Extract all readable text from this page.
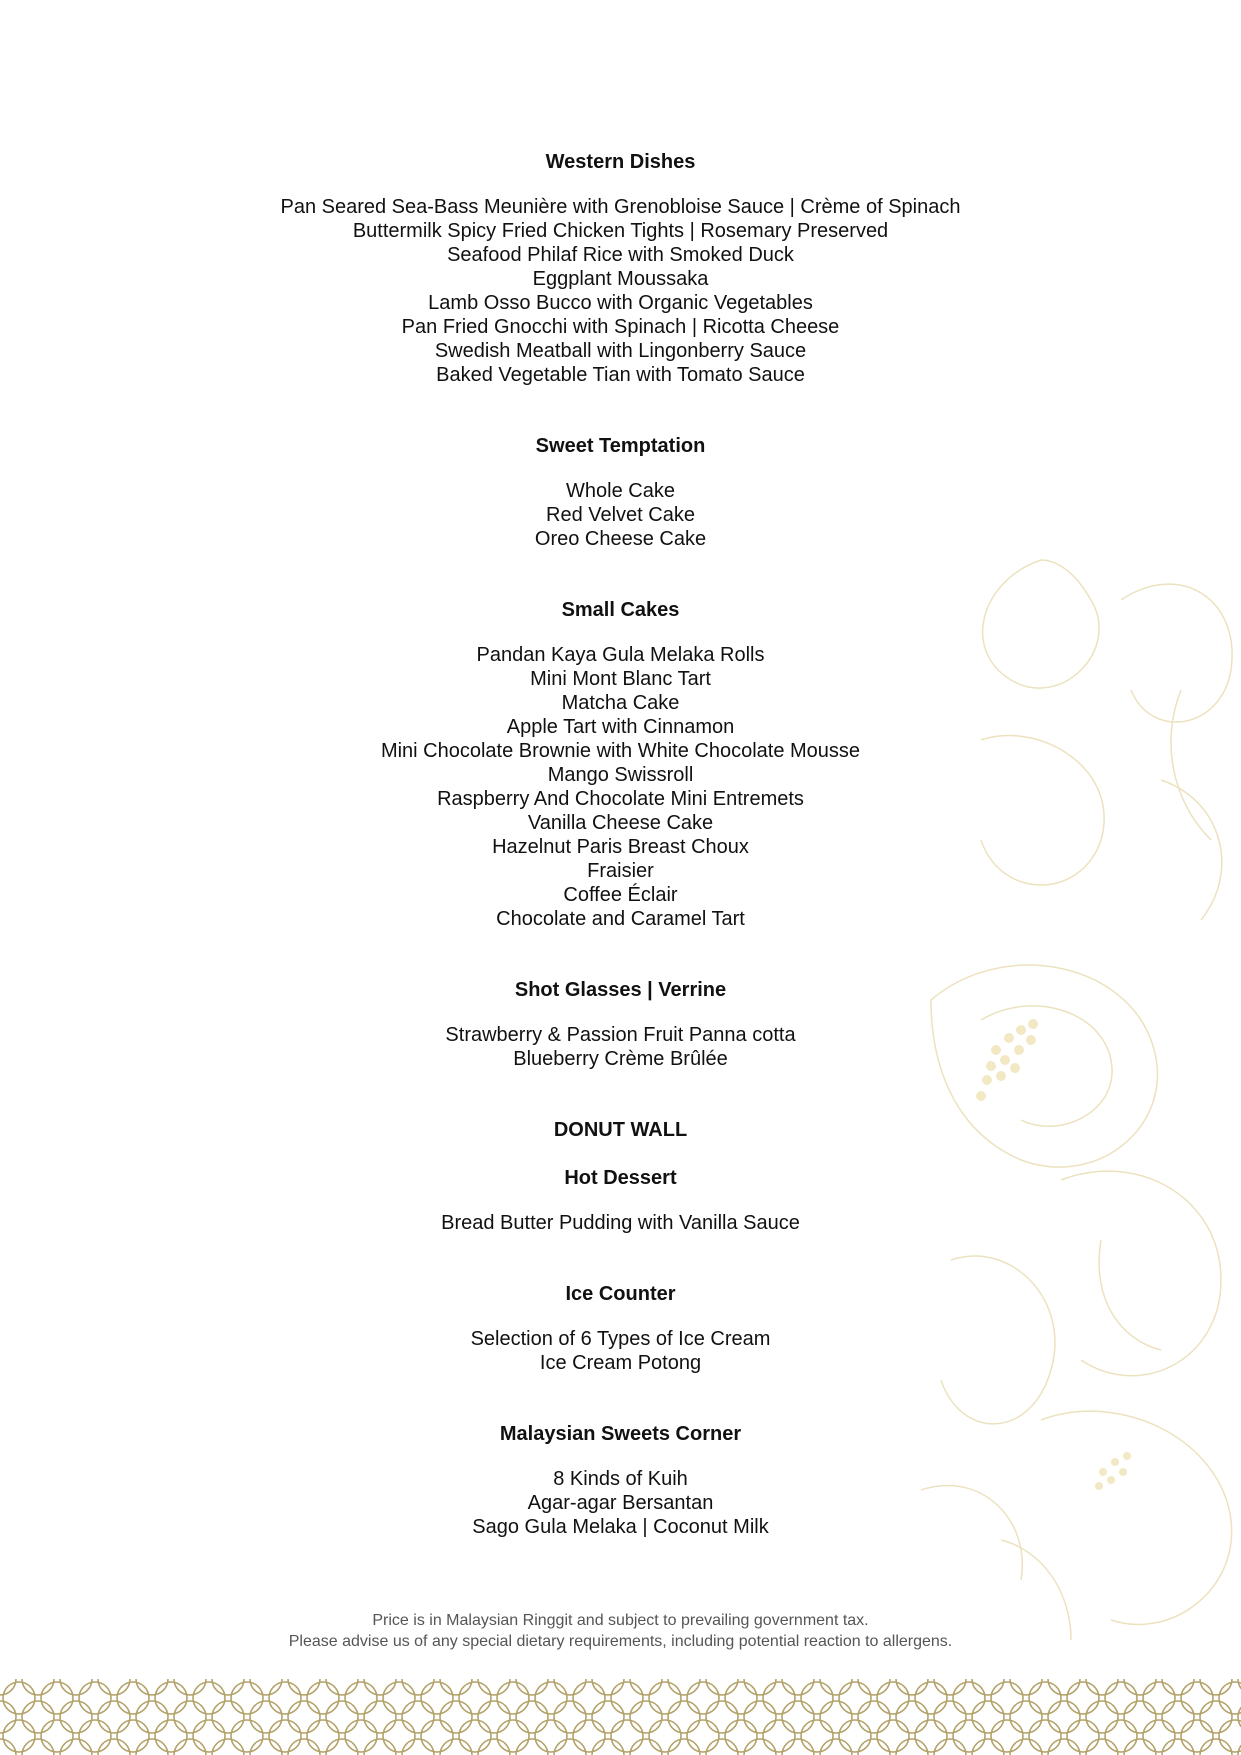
Western Dishes
Pan Seared Sea-Bass Meunière with Grenobloise Sauce | Crème of Spinach
Buttermilk Spicy Fried Chicken Tights | Rosemary Preserved
Seafood Philaf Rice with Smoked Duck
Eggplant Moussaka
Lamb Osso Bucco with Organic Vegetables
Pan Fried Gnocchi with Spinach | Ricotta Cheese
Swedish Meatball with Lingonberry Sauce
Baked Vegetable Tian with Tomato Sauce
Sweet Temptation
Whole Cake
Red Velvet Cake
Oreo Cheese Cake
Small Cakes
Pandan Kaya Gula Melaka Rolls
Mini Mont Blanc Tart
Matcha Cake
Apple Tart with Cinnamon
Mini Chocolate Brownie with White Chocolate Mousse
Mango Swissroll
Raspberry And Chocolate Mini Entremets
Vanilla Cheese Cake
Hazelnut Paris Breast Choux
Fraisier
Coffee Éclair
Chocolate and Caramel Tart
Shot Glasses | Verrine
Strawberry & Passion Fruit Panna cotta
Blueberry Crème Brûlée
DONUT WALL
Hot Dessert
Bread Butter Pudding with Vanilla Sauce
Ice Counter
Selection of 6 Types of Ice Cream
Ice Cream Potong
Malaysian Sweets Corner
8 Kinds of Kuih
Agar-agar Bersantan
Sago Gula Melaka | Coconut Milk
Price is in Malaysian Ringgit and subject to prevailing government tax.
Please advise us of any special dietary requirements, including potential reaction to allergens.
